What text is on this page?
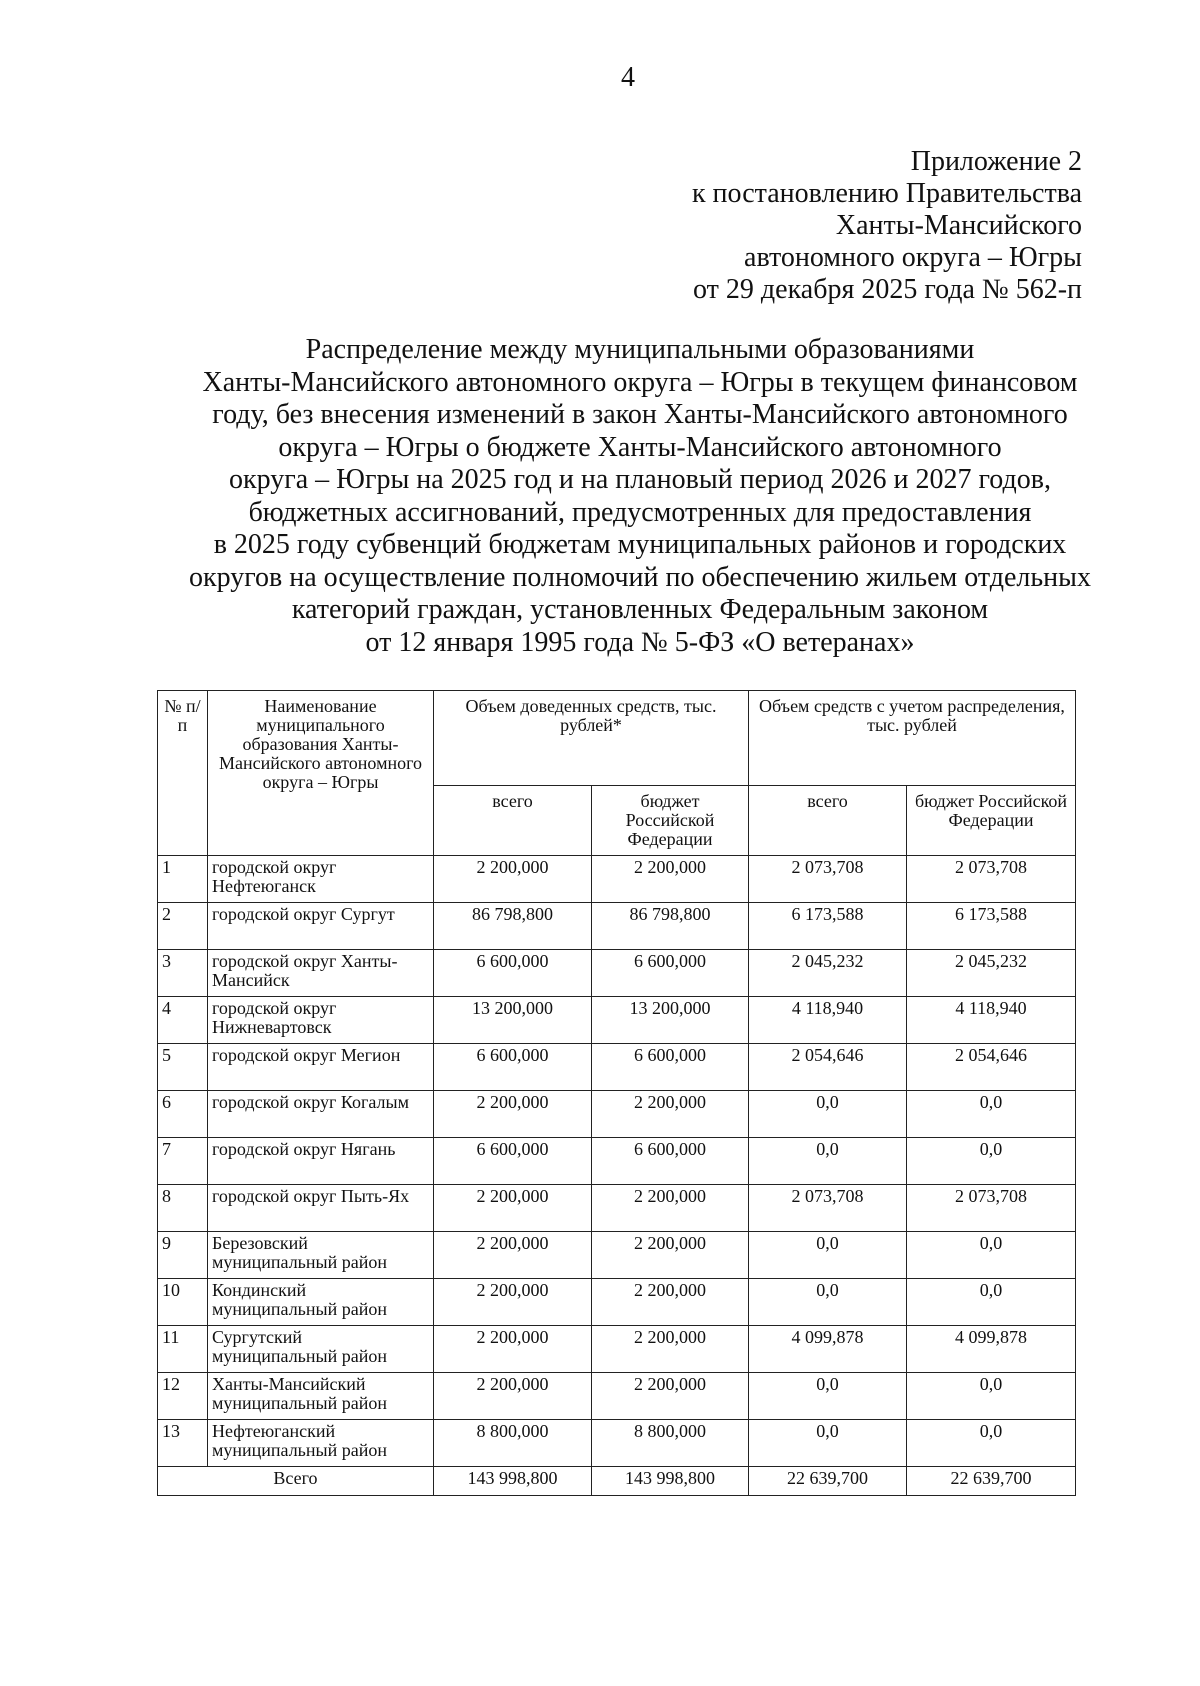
4
Приложение 2
к постановлению Правительства
Ханты-Мансийского
автономного округа – Югры
от 29 декабря 2025 года № 562-п
Распределение между муниципальными образованиями
Ханты-Мансийского автономного округа – Югры в текущем финансовом
году, без внесения изменений в закон Ханты-Мансийского автономного
округа – Югры о бюджете Ханты-Мансийского автономного
округа – Югры на 2025 год и на плановый период 2026 и 2027 годов,
бюджетных ассигнований, предусмотренных для предоставления
в 2025 году субвенций бюджетам муниципальных районов и городских
округов на осуществление полномочий по обеспечению жильем отдельных
категорий граждан, установленных Федеральным законом
от 12 января 1995 года № 5-ФЗ «О ветеранах»
№ п/п	Наименование муниципального образования Ханты-Мансийского автономного округа – Югры	Объем доведенных средств, тыс. рублей*		Объем средств с учетом распределения, тыс. рублей	
		всего	бюджет Российской Федерации	всего	бюджет Российской Федерации
1	городской округ Нефтеюганск	2 200,000	2 200,000	2 073,708	2 073,708
2	городской округ Сургут	86 798,800	86 798,800	6 173,588	6 173,588
3	городской округ Ханты-Мансийск	6 600,000	6 600,000	2 045,232	2 045,232
4	городской округ Нижневартовск	13 200,000	13 200,000	4 118,940	4 118,940
5	городской округ Мегион	6 600,000	6 600,000	2 054,646	2 054,646
6	городской округ Когалым	2 200,000	2 200,000	0,0	0,0
7	городской округ Нягань	6 600,000	6 600,000	0,0	0,0
8	городской округ Пыть-Ях	2 200,000	2 200,000	2 073,708	2 073,708
9	Березовский муниципальный район	2 200,000	2 200,000	0,0	0,0
10	Кондинский муниципальный район	2 200,000	2 200,000	0,0	0,0
11	Сургутский муниципальный район	2 200,000	2 200,000	4 099,878	4 099,878
12	Ханты-Мансийский муниципальный район	2 200,000	2 200,000	0,0	0,0
13	Нефтеюганский муниципальный район	8 800,000	8 800,000	0,0	0,0
Всего		143 998,800	143 998,800	22 639,700	22 639,700
